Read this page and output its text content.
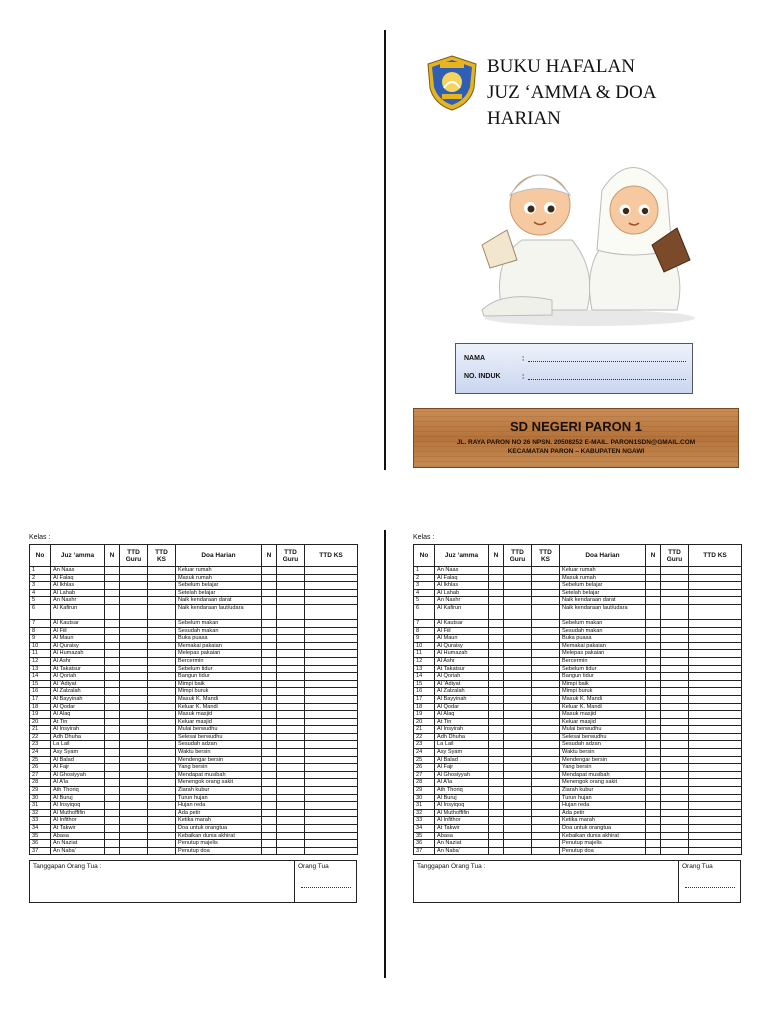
BUKU HAFALAN
JUZ ‘AMMA & DOA
HARIAN
NAMA	:
NO. INDUK	:
SD NEGERI PARON 1
JL. RAYA PARON NO 26 NPSN. 20508252 E-MAIL. PARON1SDN@GMAIL.COM
KECAMATAN PARON – KABUPATEN NGAWI
Kelas :
No	Juz ‘amma	N	TTD Guru	TTD KS	Doa Harian	N	TTD Guru	TTD KS
1	An Naas				Keluar rumah			
2	Al Falaq				Masuk rumah			
3	Al Ikhlas				Sebelum belajar			
4	Al Lahab				Setelah belajar			
5	An Nashr				Naik kendaraan darat			
6	Al Kafirun				Naik kendaraan laut/udara			
7	Al Kautsar				Sebelum makan			
8	Al Fiil				Sesudah makan			
9	Al Maun				Buka puasa			
10	Al Quraisy				Memakai pakaian			
11	Al Humazah				Melepas pakaian			
12	Al Ashr				Bercermin			
13	At Takatsur				Sebelum tidur			
14	Al Qoriah				Bangun tidur			
15	Al ‘Adiyat				Mimpi baik			
16	Al Zalzalah				Mimpi buruk			
17	Al Bayyinah				Masuk K. Mandi			
18	Al Qodar				Keluar K. Mandi			
19	Al Alaq				Masuk masjid			
20	At Tin				Keluar masjid			
21	Al Insyirah				Mulai berwudhu			
22	Adh Dhuha				Selesai berwudhu			
23	La Lail				Sesudah adzan			
24	Asy Syam				Waktu bersin			
25	Al Balad				Mendengar bersin			
26	Al Fajr				Yang bersin			
27	Al Ghosiyyah				Mendapat musibah			
28	Al A’la				Menengok orang sakit			
29	Ath Thoriq				Ziarah kubur			
30	Al Buruj				Turun hujan			
31	Al Insyiqoq				Hujan reda			
32	Al Muthoffifin				Ada petir			
33	Al Infithor				Ketika marah			
34	At Takwir				Doa untuk orangtua			
35	Abasa				Kebaikan dunia akhirat			
36	An Naziat				Penutup majelis			
37	An Naba’				Penutup doa			
Tanggapan Orang Tua :	Orang Tua
Kelas :
No	Juz ‘amma	N	TTD Guru	TTD KS	Doa Harian	N	TTD Guru	TTD KS
1	An Naas				Keluar rumah			
2	Al Falaq				Masuk rumah			
3	Al Ikhlas				Sebelum belajar			
4	Al Lahab				Setelah belajar			
5	An Nashr				Naik kendaraan darat			
6	Al Kafirun				Naik kendaraan laut/udara			
7	Al Kautsar				Sebelum makan			
8	Al Fiil				Sesudah makan			
9	Al Maun				Buka puasa			
10	Al Quraisy				Memakai pakaian			
11	Al Humazah				Melepas pakaian			
12	Al Ashr				Bercermin			
13	At Takatsur				Sebelum tidur			
14	Al Qoriah				Bangun tidur			
15	Al ‘Adiyat				Mimpi baik			
16	Al Zalzalah				Mimpi buruk			
17	Al Bayyinah				Masuk K. Mandi			
18	Al Qodar				Keluar K. Mandi			
19	Al Alaq				Masuk masjid			
20	At Tin				Keluar masjid			
21	Al Insyirah				Mulai berwudhu			
22	Adh Dhuha				Selesai berwudhu			
23	La Lail				Sesudah adzan			
24	Asy Syam				Waktu bersin			
25	Al Balad				Mendengar bersin			
26	Al Fajr				Yang bersin			
27	Al Ghosiyyah				Mendapat musibah			
28	Al A’la				Menengok orang sakit			
29	Ath Thoriq				Ziarah kubur			
30	Al Buruj				Turun hujan			
31	Al Insyiqoq				Hujan reda			
32	Al Muthoffifin				Ada petir			
33	Al Infithor				Ketika marah			
34	At Takwir				Doa untuk orangtua			
35	Abasa				Kebaikan dunia akhirat			
36	An Naziat				Penutup majelis			
37	An Naba’				Penutup doa			
Tanggapan Orang Tua :	Orang Tua
